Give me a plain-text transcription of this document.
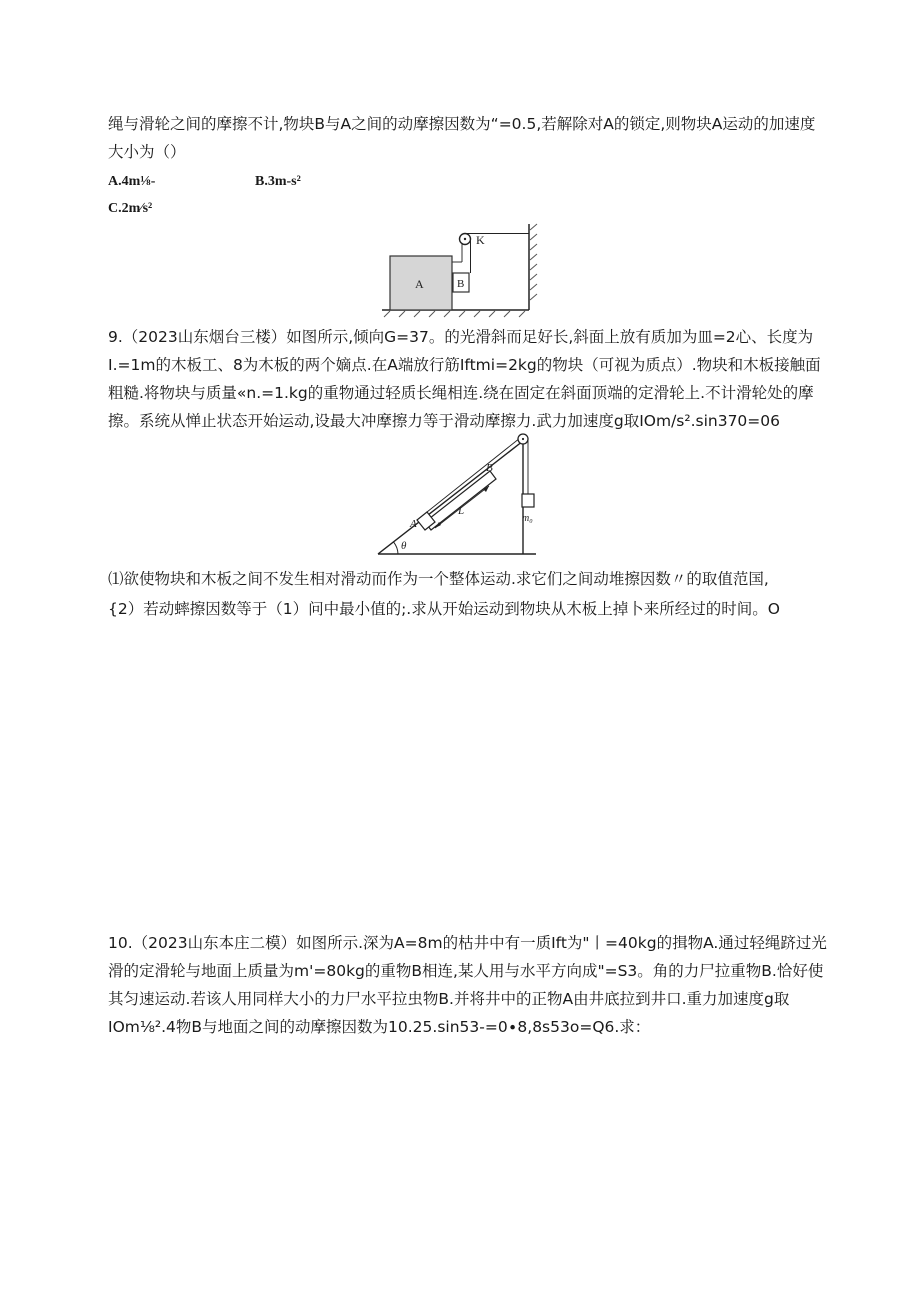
绳与滑轮之间的摩擦不计,物块B与A之间的动摩擦因数为“=0.5,若解除对A的锁定,则物块A运动的加速度
大小为（）
A.4m⅛-	B.3m-s²
C.2m∕s²
A
K
B
9.（2023山东烟台三楼）如图所示,倾向G=37。的光滑斜而足好长,斜面上放有质加为皿=2心、长度为
I.=1m的木板工、8为木板的两个嫡点.在A端放行筋Iftmi=2kg的物块（可视为质点）.物块和木板接触面
粗糙.将物块与质量«n.=1.kg的重物通过轻质长绳相连.绕在固定在斜面顶端的定滑轮上.不计滑轮处的摩
擦。系统从惮止状态开始运动,设最大冲摩擦力等于滑动摩擦力.武力加速度g取IOm∕s².sin370=06
θ
A
B
L
m₀
⑴欲使物块和木板之间不发生相对滑动而作为一个整体运动.求它们之间动堆擦因数〃的取值范国,
{2）若动蟀擦因数等于（1）问中最小值的;.求从开始运动到物块从木板上掉卜来所经过的时间。O
10.（2023山东本庄二模）如图所示.深为A=8m的枯井中有一质Ift为"丨=40kg的揖物A.通过轻绳跻过光
滑的定滑轮与地面上质量为m'=80kg的重物B相连,某人用与水平方向成"=S3。角的力尸拉重物B.恰好使
其匀速运动.若该人用同样大小的力尸水平拉虫物B.并将井中的正物A由井底拉到井口.重力加速度g取
IOm⅛².4物B与地面之间的动摩擦因数为10.25.sin53-=0∙8,8s53o=Q6.求：
